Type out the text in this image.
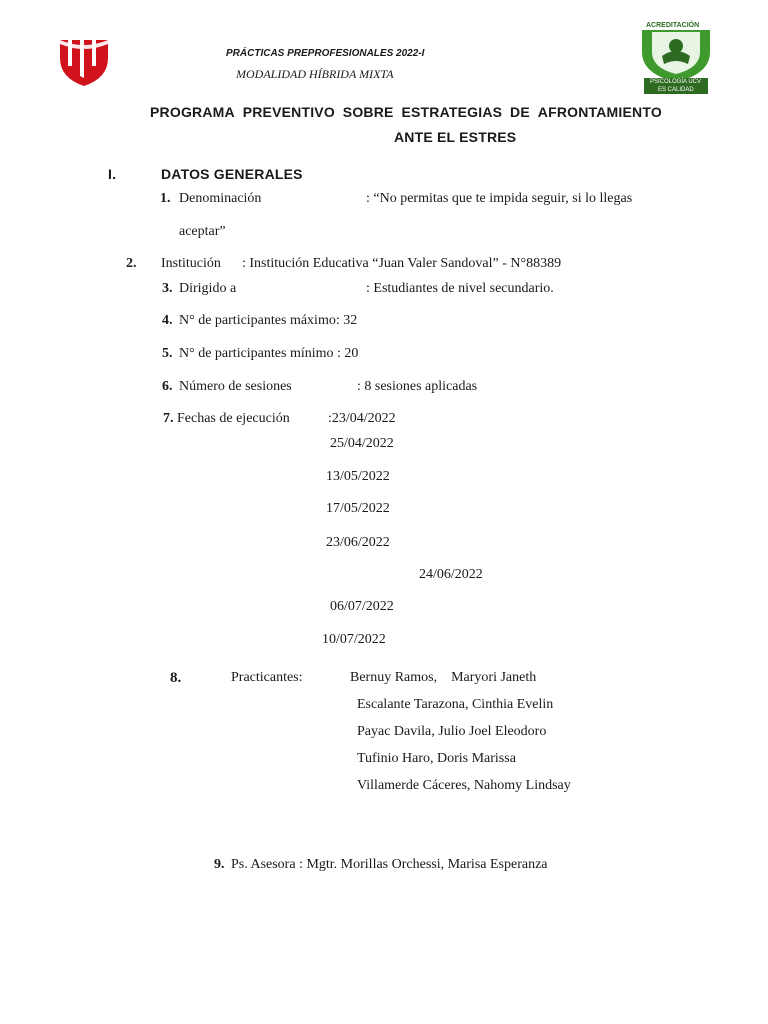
PRÁCTICAS PREPROFESIONALES 2022-I
MODALIDAD HÍBRIDA MIXTA
ACREDITACIÓN
PSICOLOGÍA UCV
ES CALIDAD
PROGRAMA PREVENTIVO SOBRE ESTRATEGIAS DE AFRONTAMIENTO
ANTE EL ESTRES
I.	DATOS GENERALES
1. Denominación	: “No permitas que te impida seguir, si lo llegas
aceptar”
2. Institución : Institución Educativa “Juan Valer Sandoval” - N°88389
3. Dirigido a	: Estudiantes de nivel secundario.
4. N° de participantes máximo: 32
5. N° de participantes mínimo : 20
6. Número de sesiones	: 8 sesiones aplicadas
7. Fechas de ejecución	:23/04/2022
25/04/2022
13/05/2022
17/05/2022
23/06/2022
24/06/2022
06/07/2022
10/07/2022
8.	Practicantes:	Bernuy Ramos,    Maryori Janeth
Escalante Tarazona, Cinthia Evelin
Payac Davila, Julio Joel Eleodoro
Tufinio Haro, Doris Marissa
Villamerde Cáceres, Nahomy Lindsay
9. Ps. Asesora : Mgtr. Morillas Orchessi, Marisa Esperanza
